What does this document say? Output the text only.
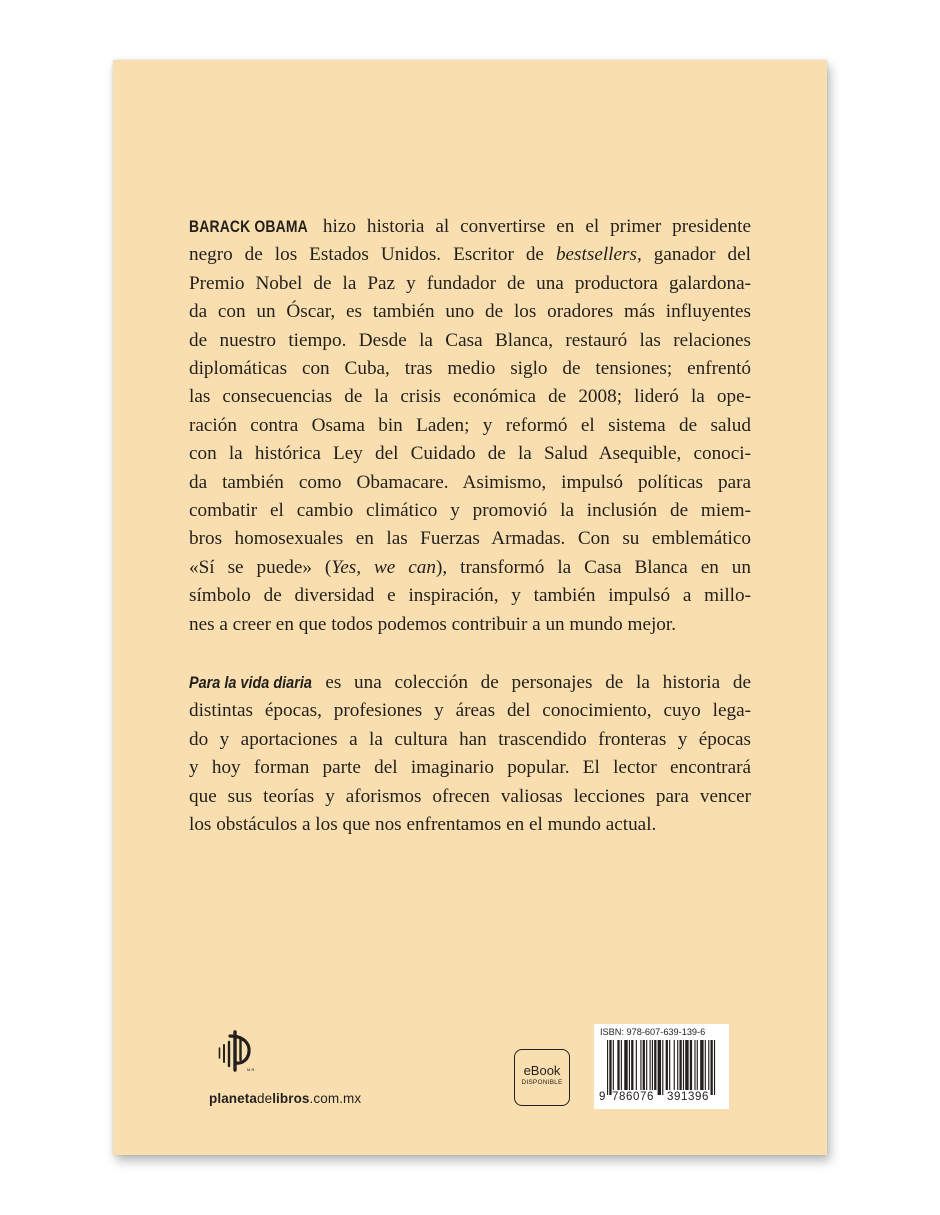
BARACK OBAMA hizo historia al convertirse en el primer presidente
negro de los Estados Unidos. Escritor de bestsellers, ganador del
Premio Nobel de la Paz y fundador de una productora galardona-
da con un Óscar, es también uno de los oradores más influyentes
de nuestro tiempo. Desde la Casa Blanca, restauró las relaciones
diplomáticas con Cuba, tras medio siglo de tensiones; enfrentó
las consecuencias de la crisis económica de 2008; lideró la ope-
ración contra Osama bin Laden; y reformó el sistema de salud
con la histórica Ley del Cuidado de la Salud Asequible, conoci-
da también como Obamacare. Asimismo, impulsó políticas para
combatir el cambio climático y promovió la inclusión de miem-
bros homosexuales en las Fuerzas Armadas. Con su emblemático
«Sí se puede» (Yes, we can), transformó la Casa Blanca en un
símbolo de diversidad e inspiración, y también impulsó a millo-
nes a creer en que todos podemos contribuir a un mundo mejor.
Para la vida diaria es una colección de personajes de la historia de
distintas épocas, profesiones y áreas del conocimiento, cuyo lega-
do y aportaciones a la cultura han trascendido fronteras y épocas
y hoy forman parte del imaginario popular. El lector encontrará
que sus teorías y aforismos ofrecen valiosas lecciones para vencer
los obstáculos a los que nos enfrentamos en el mundo actual.
M.R.
planetadelibros.com.mx
eBook
DISPONIBLE
ISBN: 978-607-639-139-6
9 786076 391396
